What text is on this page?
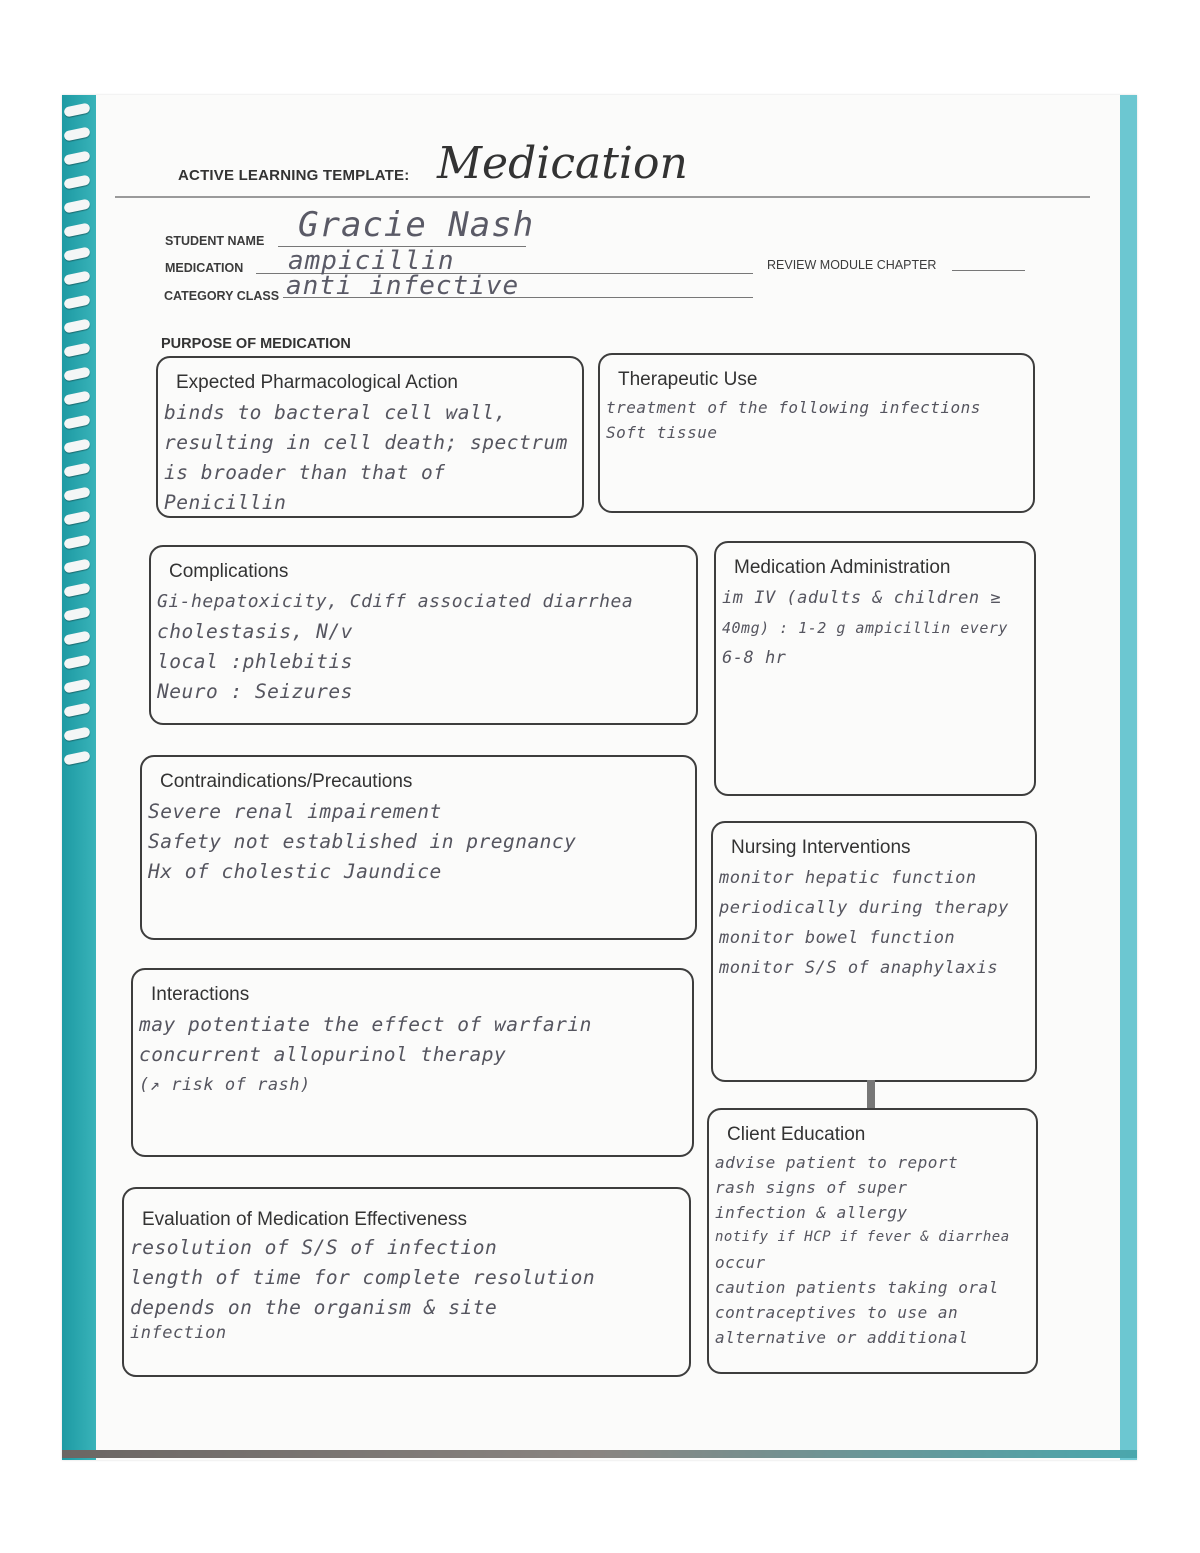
ACTIVE LEARNING TEMPLATE: Medication
STUDENT NAME Gracie Nash
MEDICATION ampicillin
CATEGORY CLASS anti infective
REVIEW MODULE CHAPTER
PURPOSE OF MEDICATION
Expected Pharmacological Action
binds to bacteral cell wall,
resulting in cell death; spectrum
is broader than that of
Penicillin
Therapeutic Use
treatment of the following infections
Soft tissue
Complications
Gi-hepatoxicity, Cdiff associated diarrhea
cholestasis, N/v
local :phlebitis
Neuro : Seizures
Medication Administration
im IV (adults & children ≥
40mg) : 1-2 g ampicillin every
6-8 hr
Contraindications/Precautions
Severe renal impairement
Safety not established in pregnancy
Hx of cholestic Jaundice
Nursing Interventions
monitor hepatic function
periodically during therapy
monitor bowel function
monitor S/S of anaphylaxis
Interactions
may potentiate the effect of warfarin
concurrent allopurinol therapy
(↗ risk of rash)
Client Education
advise patient to report
rash signs of super
infection & allergy
notify if HCP if fever & diarrhea
occur
caution patients taking oral
contraceptives to use an
alternative or additional
Evaluation of Medication Effectiveness
resolution of S/S of infection
length of time for complete resolution
depends on the organism & site
infection
